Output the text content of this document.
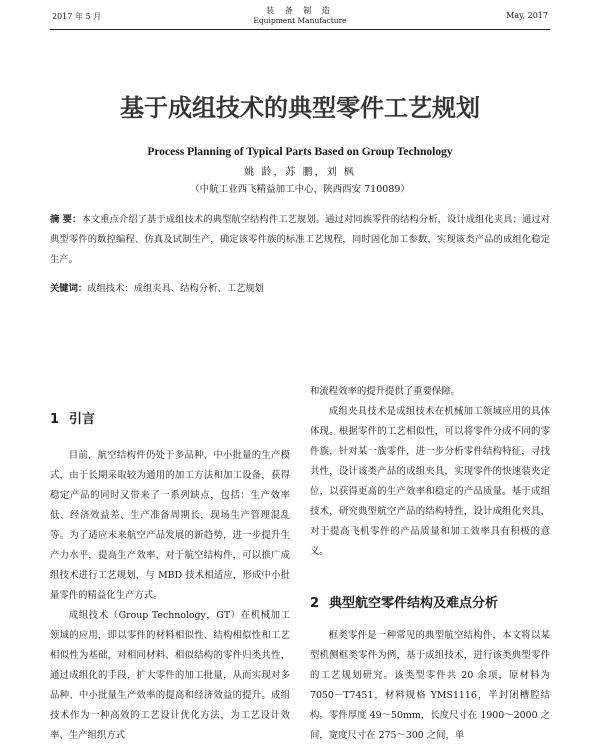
2017 年 5 月
装 备 制 造
Equipment Manufacture
May, 2017
基于成组技术的典型零件工艺规划
Process Planning of Typical Parts Based on Group Technology
姚 龄，苏 鹏，刘 枫
（中航工业西飞精益加工中心，陕西西安 710089）
摘 要：本文重点介绍了基于成组技术的典型航空结构件工艺规划。通过对同族零件的结构分析，设计成组化夹具；通过对典型零件的数控编程、仿真及试制生产，确定该零件族的标准工艺规程，同时固化加工参数，实现该类产品的成组化稳定生产。
关键词：成组技术；成组夹具、结构分析、工艺规划
1 引言

目前，航空结构件仍处于多品种、中小批量的生产模式，由于长期采取较为通用的加工方法和加工设备，获得稳定产品的同时又带来了一系列缺点，包括：生产效率低、经济效益差、生产准备周期长，现场生产管理混乱等。为了适应未来航空产品发展的新趋势，进一步提升生产力水平，提高生产效率，对于航空结构件，可以推广成组技术进行工艺规划，与 MBD 技术相适应，形成中小批量零件的精益化生产方式。

成组技术（Group Technology，GT）在机械加工领域的应用，即以零件的材料相似性、结构相似性和工艺相似性为基础，对相同材料、相似结构的零件归类共性，通过成组化的手段，扩大零件的加工批量，从而实现对多品种、中小批量生产效率的提高和经济效益的提升。成组技术作为一种高效的工艺设计优化方法，为工艺设计效率、生产组织方式

和流程效率的提升提供了重要保障。

成组夹具技术是成组技术在机械加工领域应用的具体体现。根据零件的工艺相似性，可以将零件分成不同的零件族，针对某一族零件，进一步分析零件结构特征，寻找共性，设计该类产品的成组夹具，实现零件的快速装夹定位，以获得更高的生产效率和稳定的产品质量。基于成组技术，研究典型航空产品的结构特性，设计成组化夹具，对于提高飞机零件的产品质量和加工效率具有积极的意义。

2 典型航空零件结构及难点分析

框类零件是一种常见的典型航空结构件，本文将以某型机侧框类零件为例，基于成组技术，进行该类典型零件的工艺规划研究。该类型零件共 20 余项，原材料为 7050－T7451，材料规格 YMS1116，半封闭槽腔结构。零件厚度 49～50mm，长度尺寸在 1900～2000 之间，宽度尺寸在 275～300 之间，单
